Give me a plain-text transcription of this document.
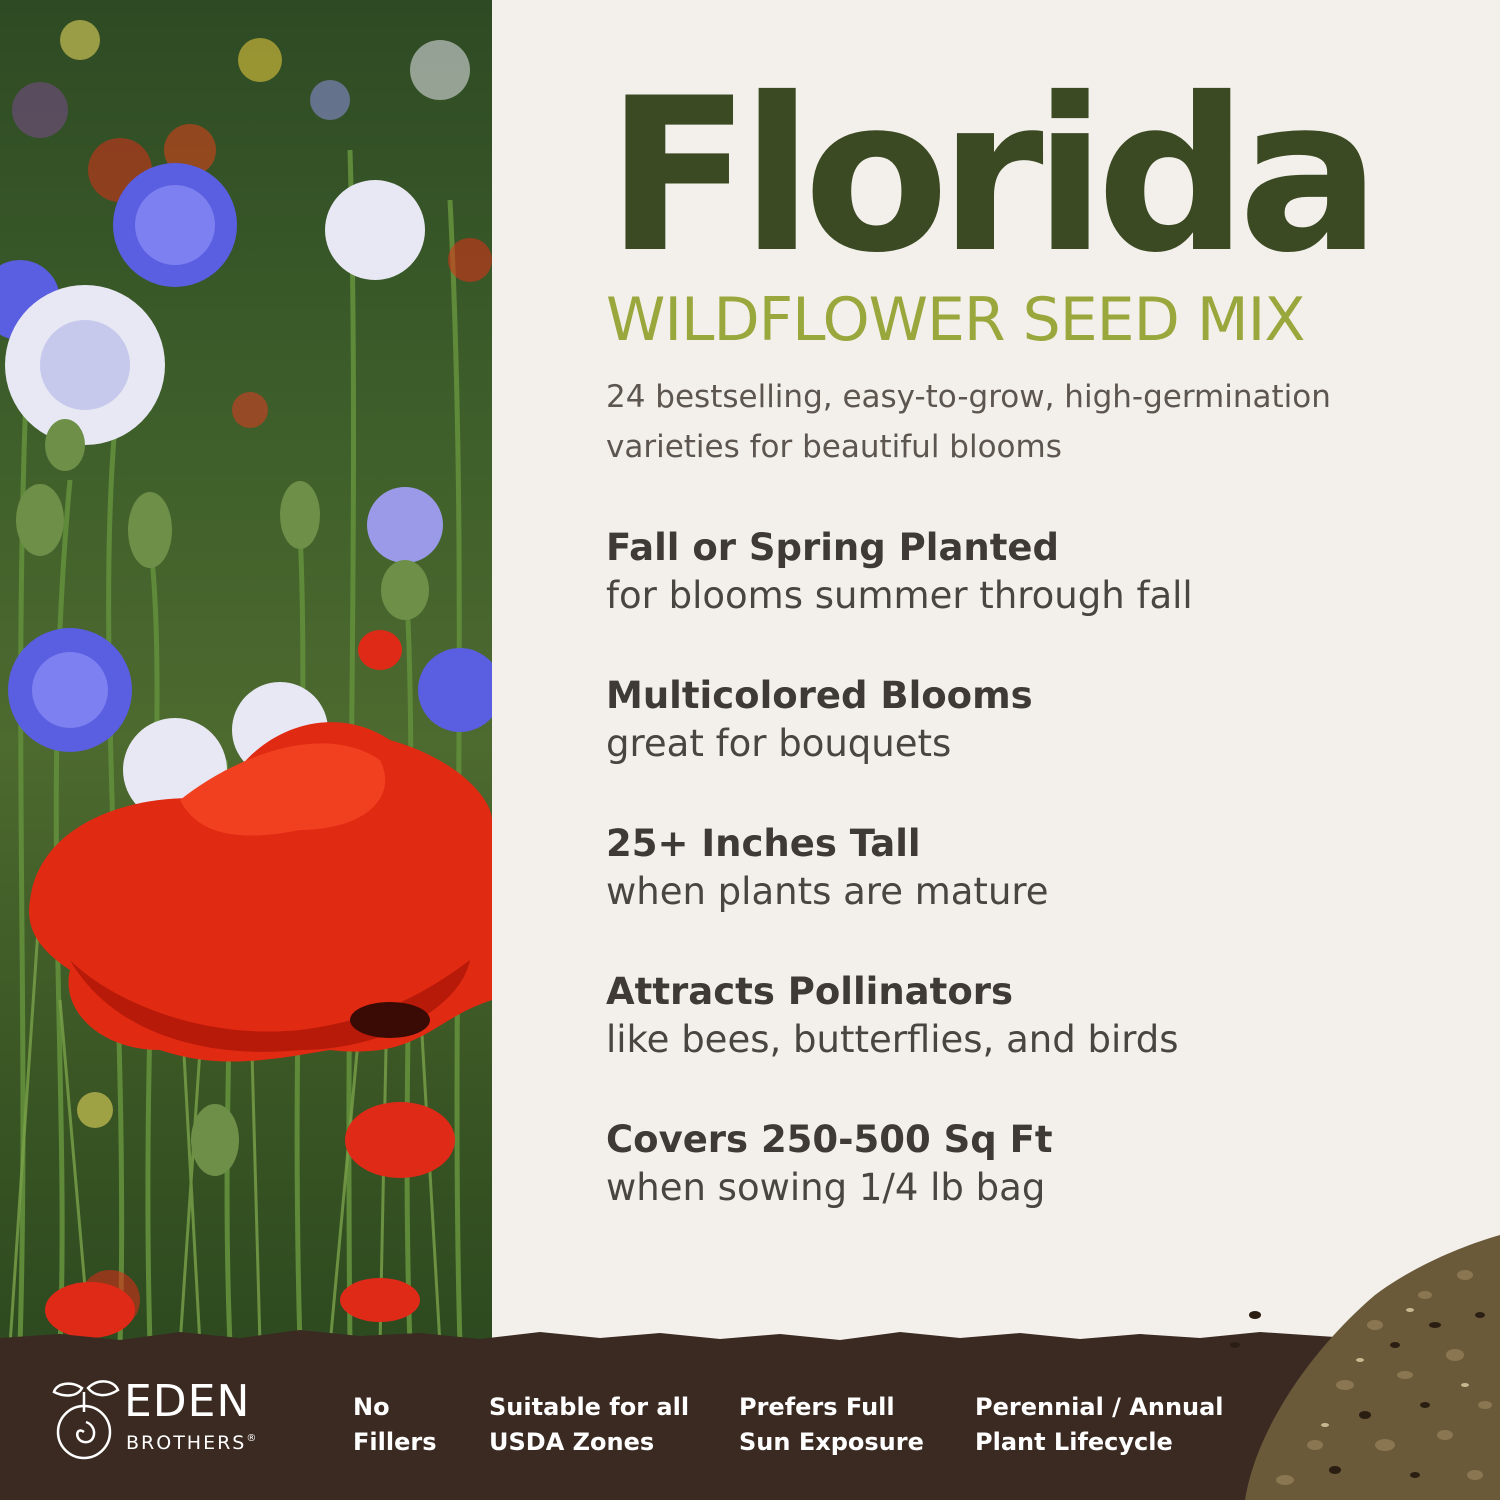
Florida
WILDFLOWER SEED MIX
24 bestselling, easy-to-grow, high-germination
varieties for beautiful blooms
Fall or Spring Planted
for blooms summer through fall
Multicolored Blooms
great for bouquets
25+ Inches Tall
when plants are mature
Attracts Pollinators
like bees, butterflies, and birds
Covers 250-500 Sq Ft
when sowing 1/4 lb bag
EDEN
BROTHERS®
No
Fillers
Suitable for all
USDA Zones
Prefers Full
Sun Exposure
Perennial / Annual
Plant Lifecycle
